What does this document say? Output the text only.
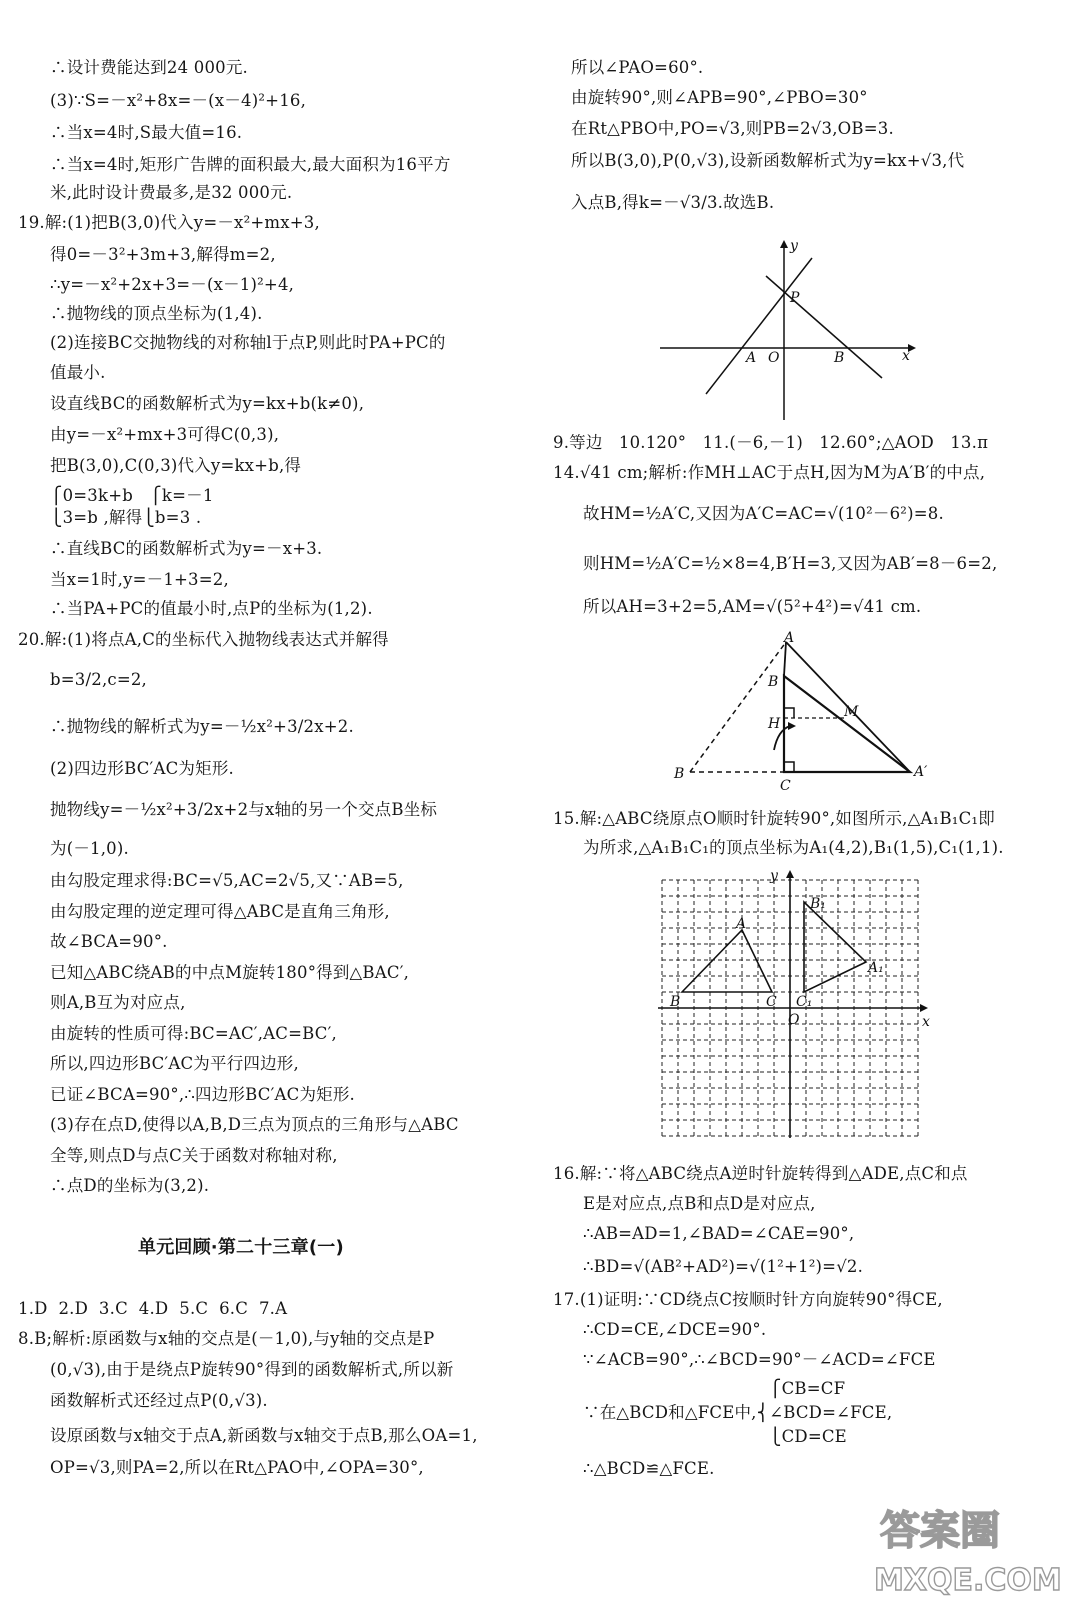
∴设计费能达到24 000元.
(3)∵S=－x²+8x=－(x－4)²+16,
∴当x=4时,S最大值=16.
∴当x=4时,矩形广告牌的面积最大,最大面积为16平方
米,此时设计费最多,是32 000元.
19.解:(1)把B(3,0)代入y=－x²+mx+3,
得0=－3²+3m+3,解得m=2,
∴y=－x²+2x+3=－(x－1)²+4,
∴抛物线的顶点坐标为(1,4).
(2)连接BC交抛物线的对称轴l于点P,则此时PA+PC的
值最小.
设直线BC的函数解析式为y=kx+b(k≠0),
由y=－x²+mx+3可得C(0,3),
把B(3,0),C(0,3)代入y=kx+b,得
⎧0=3k+b   ⎧k=－1
⎩3=b ,解得⎩b=3 .
∴直线BC的函数解析式为y=－x+3.
当x=1时,y=－1+3=2,
∴当PA+PC的值最小时,点P的坐标为(1,2).
20.解:(1)将点A,C的坐标代入抛物线表达式并解得
b=3/2,c=2,
∴抛物线的解析式为y=－½x²+3/2x+2.
(2)四边形BC′AC为矩形.
抛物线y=－½x²+3/2x+2与x轴的另一个交点B坐标
为(－1,0).
由勾股定理求得:BC=√5,AC=2√5,又∵AB=5,
由勾股定理的逆定理可得△ABC是直角三角形,
故∠BCA=90°.
已知△ABC绕AB的中点M旋转180°得到△BAC′,
则A,B互为对应点,
由旋转的性质可得:BC=AC′,AC=BC′,
所以,四边形BC′AC为平行四边形,
已证∠BCA=90°,∴四边形BC′AC为矩形.
(3)存在点D,使得以A,B,D三点为顶点的三角形与△ABC
全等,则点D与点C关于函数对称轴对称,
∴点D的坐标为(3,2).
单元回顾·第二十三章(一)
1.D  2.D  3.C  4.D  5.C  6.C  7.A
8.B;解析:原函数与x轴的交点是(－1,0),与y轴的交点是P
(0,√3),由于是绕点P旋转90°得到的函数解析式,所以新
函数解析式还经过点P(0,√3).
设原函数与x轴交于点A,新函数与x轴交于点B,那么OA=1,
OP=√3,则PA=2,所以在Rt△PAO中,∠OPA=30°,
所以∠PAO=60°.
由旋转90°,则∠APB=90°,∠PBO=30°
在Rt△PBO中,PO=√3,则PB=2√3,OB=3.
所以B(3,0),P(0,√3),设新函数解析式为y=kx+√3,代
入点B,得k=－√3/3.故选B.
9.等边   10.120°   11.(－6,－1)   12.60°;△AOD   13.π
14.√41 cm;解析:作MH⊥AC于点H,因为M为A′B′的中点,
故HM=½A′C,又因为A′C=AC=√(10²－6²)=8.
则HM=½A′C=½×8=4,B′H=3,又因为AB′=8－6=2,
所以AH=3+2=5,AM=√(5²+4²)=√41 cm.
15.解:△ABC绕原点O顺时针旋转90°,如图所示,△A₁B₁C₁即
为所求,△A₁B₁C₁的顶点坐标为A₁(4,2),B₁(1,5),C₁(1,1).
16.解:∵将△ABC绕点A逆时针旋转得到△ADE,点C和点
E是对应点,点B和点D是对应点,
∴AB=AD=1,∠BAD=∠CAE=90°,
∴BD=√(AB²+AD²)=√(1²+1²)=√2.
17.(1)证明:∵CD绕点C按顺时针方向旋转90°得CE,
∴CD=CE,∠DCE=90°.
∵∠ACB=90°,∴∠BCD=90°－∠ACD=∠FCE
⎧CB=CF
∵在△BCD和△FCE中,⎨∠BCD=∠FCE,
⎩CD=CE
∴△BCD≌△FCE.
y
P
A O	B	x
A
B
M
H
B
C
A′
y
B₁
A
A₁
B	C C₁
O	x
答案圈
MXQE.COM
